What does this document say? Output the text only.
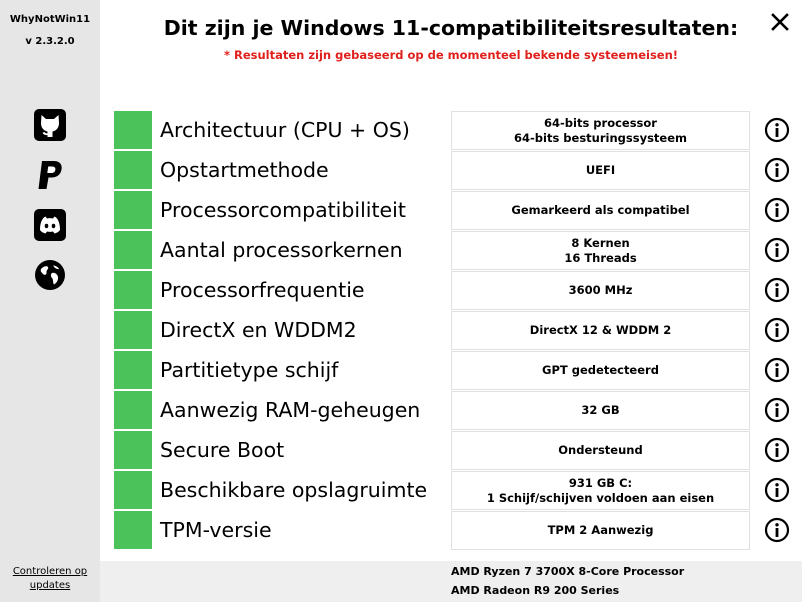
WhyNotWin11
v 2.3.2.0
Controleren op
updates
Dit zijn je Windows 11-compatibiliteitsresultaten:
* Resultaten zijn gebaseerd op de momenteel bekende systeemeisen!
Architectuur (CPU + OS)	64-bits processor
64-bits besturingssysteem
Opstartmethode	UEFI
Processorcompatibiliteit	Gemarkeerd als compatibel
Aantal processorkernen	8 Kernen
16 Threads
Processorfrequentie	3600 MHz
DirectX en WDDM2	DirectX 12 & WDDM 2
Partitietype schijf	GPT gedetecteerd
Aanwezig RAM-geheugen	32 GB
Secure Boot	Ondersteund
Beschikbare opslagruimte	931 GB C:
1 Schijf/schijven voldoen aan eisen
TPM-versie	TPM 2 Aanwezig
AMD Ryzen 7 3700X 8-Core Processor
AMD Radeon R9 200 Series
